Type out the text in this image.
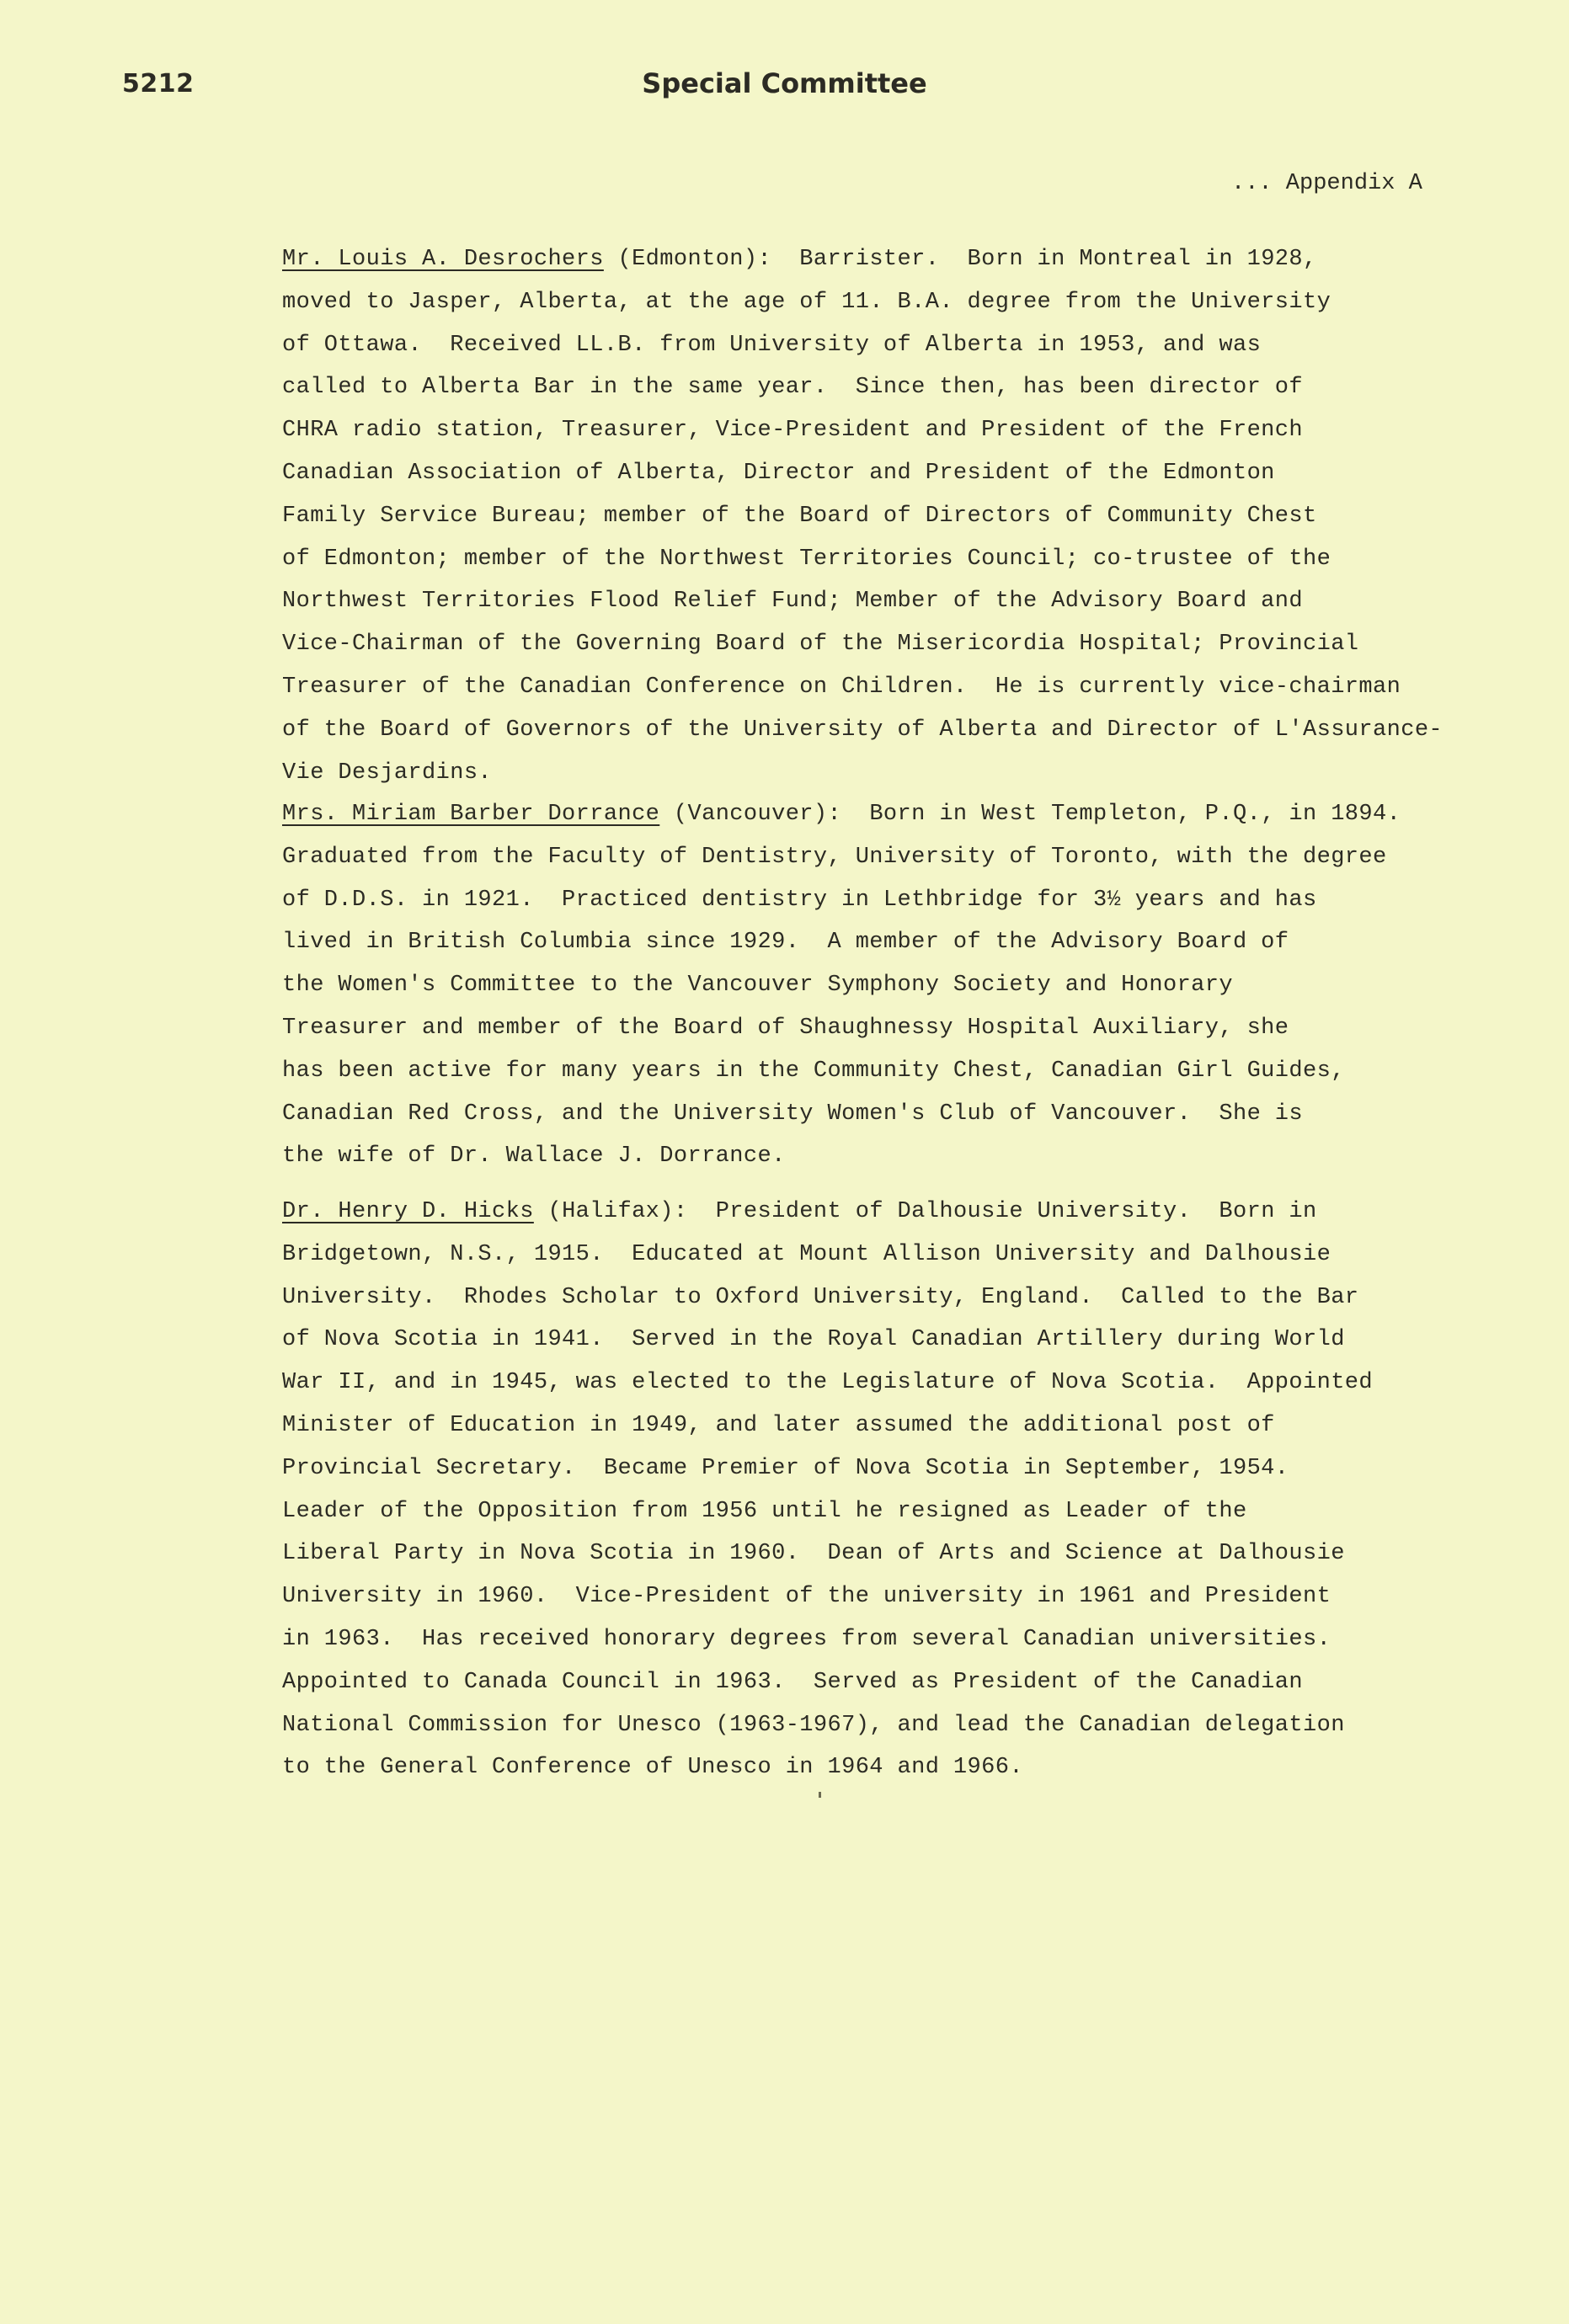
5212	Special Committee
... Appendix A
Mr. Louis A. Desrochers (Edmonton):  Barrister.  Born in Montreal in 1928,
moved to Jasper, Alberta, at the age of 11. B.A. degree from the University
of Ottawa.  Received LL.B. from University of Alberta in 1953, and was
called to Alberta Bar in the same year.  Since then, has been director of
CHRA radio station, Treasurer, Vice-President and President of the French
Canadian Association of Alberta, Director and President of the Edmonton
Family Service Bureau; member of the Board of Directors of Community Chest
of Edmonton; member of the Northwest Territories Council; co-trustee of the
Northwest Territories Flood Relief Fund; Member of the Advisory Board and
Vice-Chairman of the Governing Board of the Misericordia Hospital; Provincial
Treasurer of the Canadian Conference on Children.  He is currently vice-chairman
of the Board of Governors of the University of Alberta and Director of L'Assurance-
Vie Desjardins.
Mrs. Miriam Barber Dorrance (Vancouver):  Born in West Templeton, P.Q., in 1894.
Graduated from the Faculty of Dentistry, University of Toronto, with the degree
of D.D.S. in 1921.  Practiced dentistry in Lethbridge for 3½ years and has
lived in British Columbia since 1929.  A member of the Advisory Board of
the Women's Committee to the Vancouver Symphony Society and Honorary
Treasurer and member of the Board of Shaughnessy Hospital Auxiliary, she
has been active for many years in the Community Chest, Canadian Girl Guides,
Canadian Red Cross, and the University Women's Club of Vancouver.  She is
the wife of Dr. Wallace J. Dorrance.
Dr. Henry D. Hicks (Halifax):  President of Dalhousie University.  Born in
Bridgetown, N.S., 1915.  Educated at Mount Allison University and Dalhousie
University.  Rhodes Scholar to Oxford University, England.  Called to the Bar
of Nova Scotia in 1941.  Served in the Royal Canadian Artillery during World
War II, and in 1945, was elected to the Legislature of Nova Scotia.  Appointed
Minister of Education in 1949, and later assumed the additional post of
Provincial Secretary.  Became Premier of Nova Scotia in September, 1954.
Leader of the Opposition from 1956 until he resigned as Leader of the
Liberal Party in Nova Scotia in 1960.  Dean of Arts and Science at Dalhousie
University in 1960.  Vice-President of the university in 1961 and President
in 1963.  Has received honorary degrees from several Canadian universities.
Appointed to Canada Council in 1963.  Served as President of the Canadian
National Commission for Unesco (1963-1967), and lead the Canadian delegation
to the General Conference of Unesco in 1964 and 1966.
